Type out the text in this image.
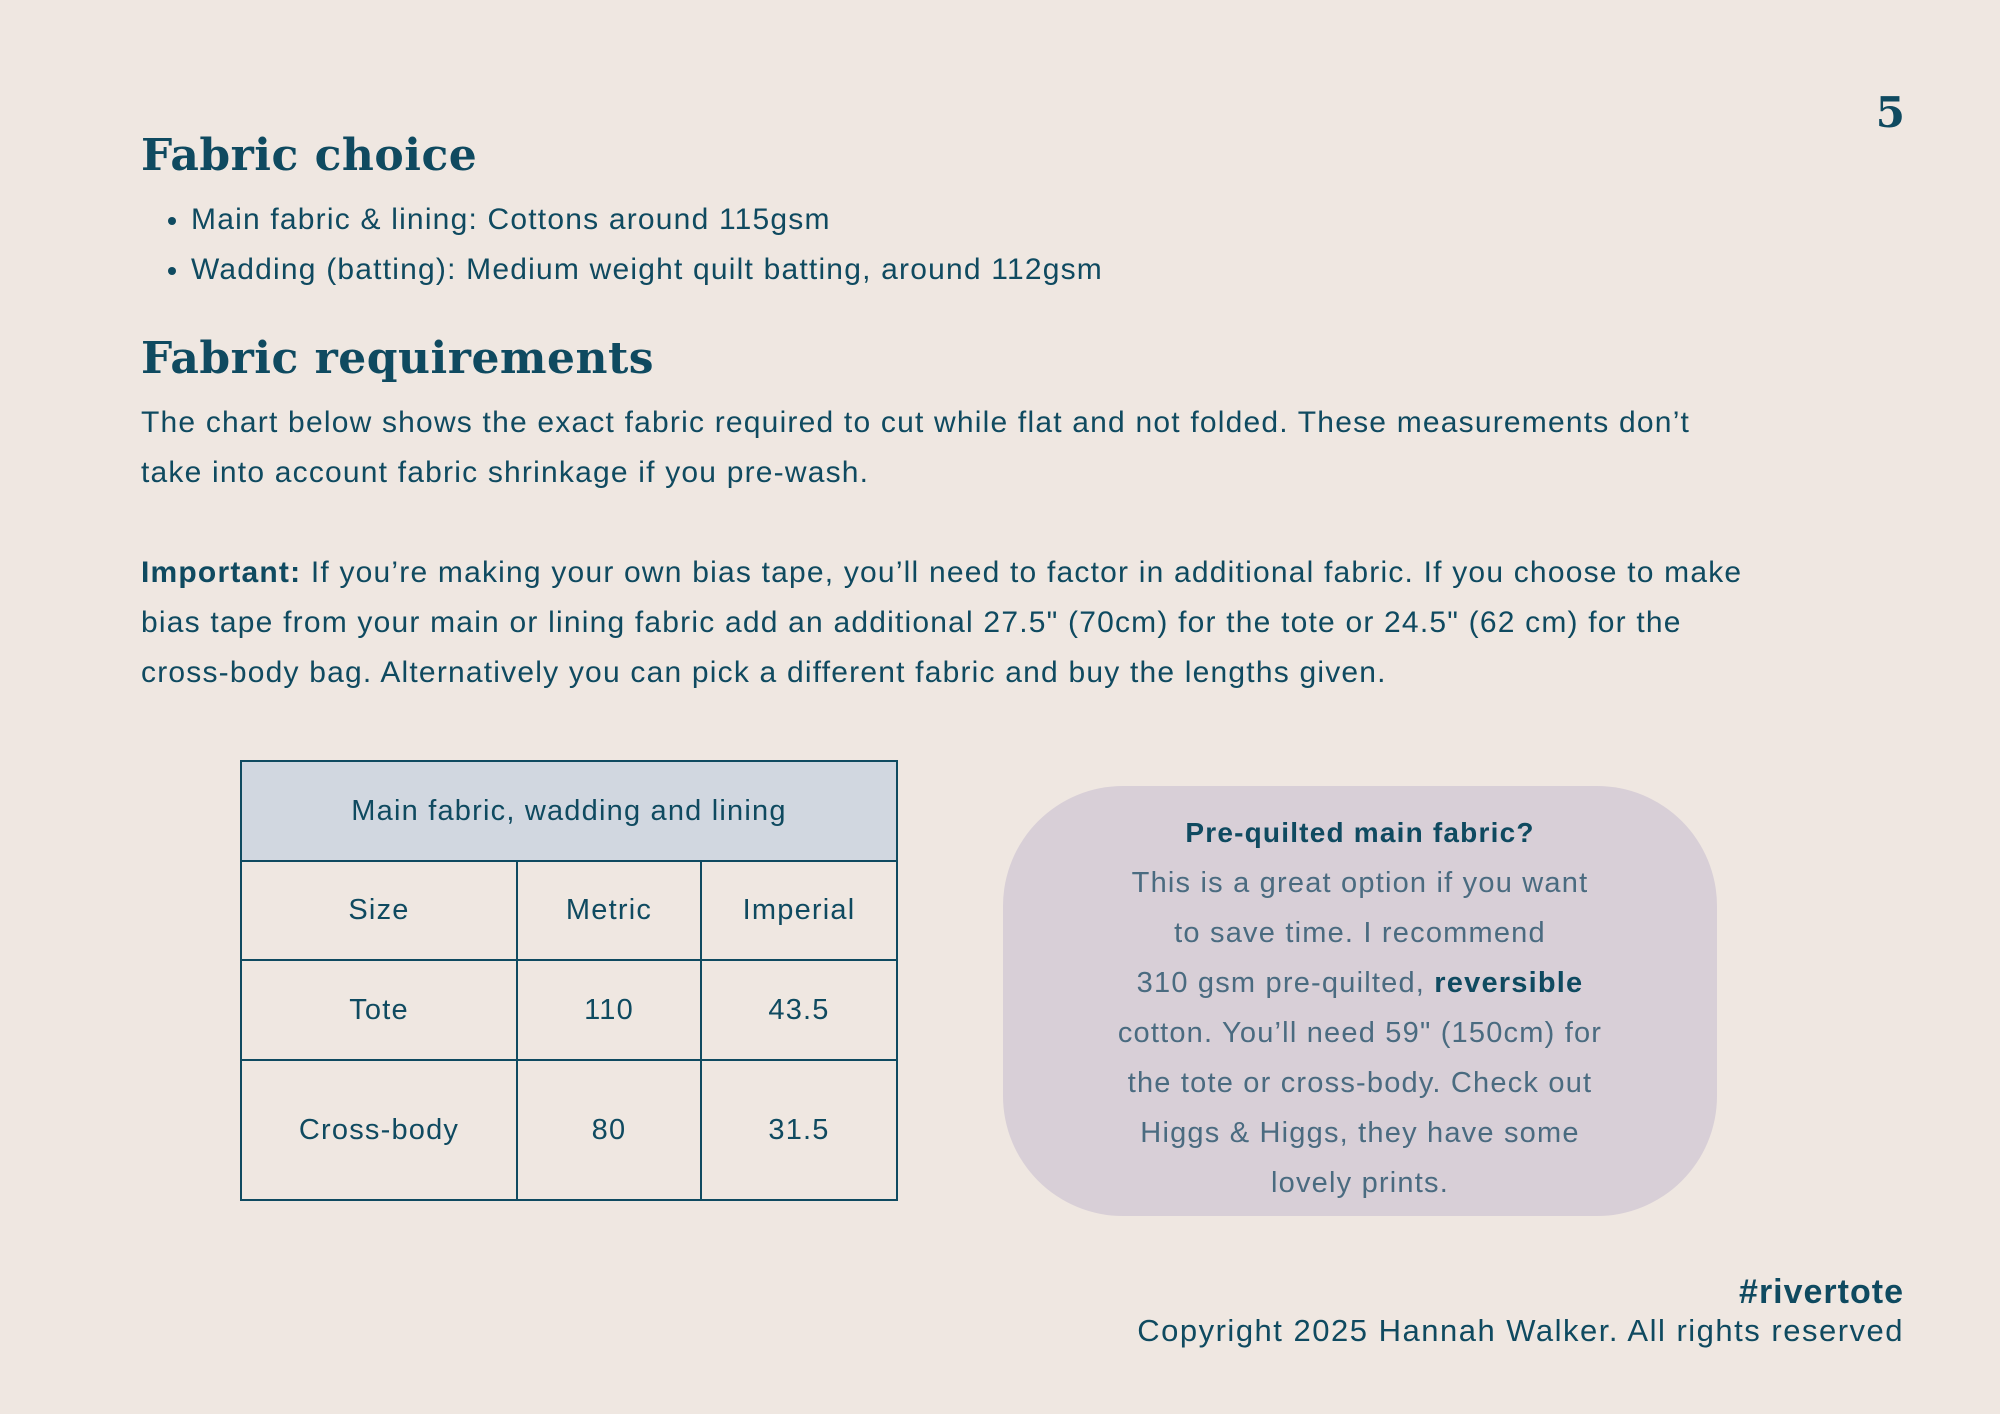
5
Fabric choice
• Main fabric & lining: Cottons around 115gsm
• Wadding (batting): Medium weight quilt batting, around 112gsm
Fabric requirements

The chart below shows the exact fabric required to cut while flat and not folded. These measurements don’t
take into account fabric shrinkage if you pre-wash.

Important: If you’re making your own bias tape, you’ll need to factor in additional fabric. If you choose to make
bias tape from your main or lining fabric add an additional 27.5" (70cm) for the tote or 24.5" (62 cm) for the
cross-body bag. Alternatively you can pick a different fabric and buy the lengths given.

Main fabric, wadding and lining		
Size	Metric	Imperial
Tote	110	43.5
Cross-body	80	31.5

Pre-quilted main fabric?

This is a great option if you want
to save time. I recommend
310 gsm pre-quilted, reversible
cotton. You’ll need 59" (150cm) for
the tote or cross-body. Check out
Higgs & Higgs, they have some
lovely prints.

#rivertote
Copyright 2025 Hannah Walker. All rights reserved
